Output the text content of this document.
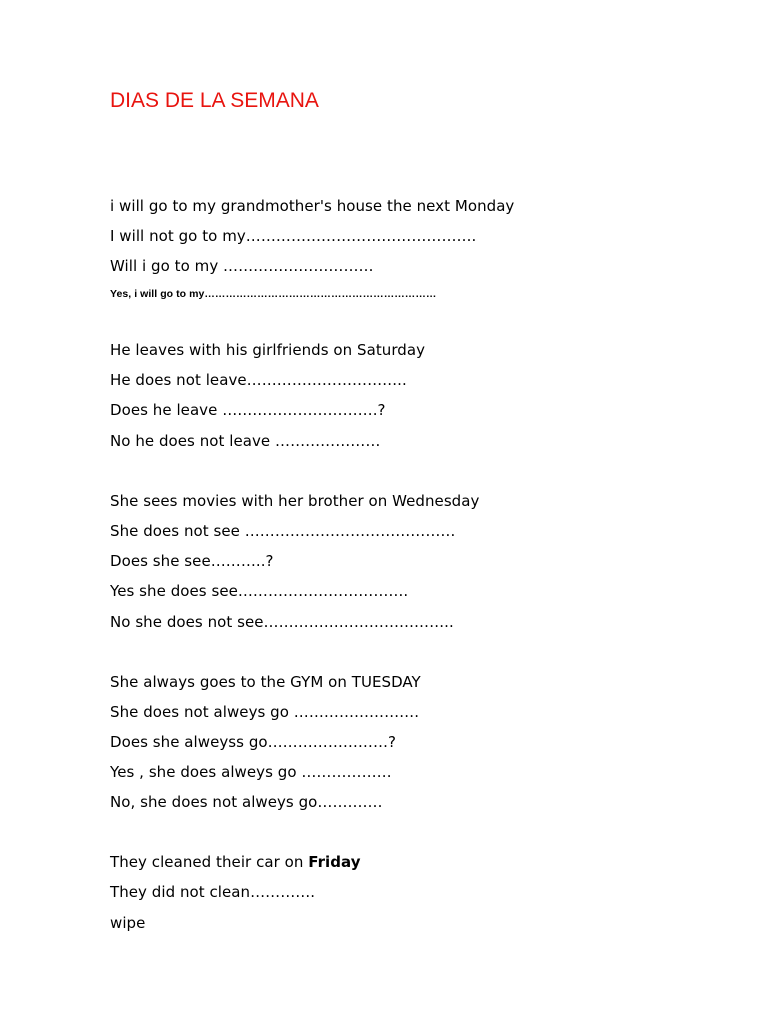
DIAS DE LA SEMANA
i will go to my grandmother's house the next Monday
I will not go to my……………………………………….
Will i go to my …………………………
Yes, i will go to my…………………………………………………………
He leaves with his girlfriends on Saturday
He does not leave…………………………..
Does he leave ………………………….?
No he does not leave …………………
She sees movies with her brother on Wednesday
She does not see ……………………………………
Does she see………..?
Yes she does see…………………………….
No she does not see………………………………..
She always goes to the GYM on TUESDAY
She does not alweys go …………………….
Does she alweyss go……………………?
Yes , she does alweys go ………………
No, she does not alweys go………….
They cleaned their car on Friday
They did not clean………….
wipe
